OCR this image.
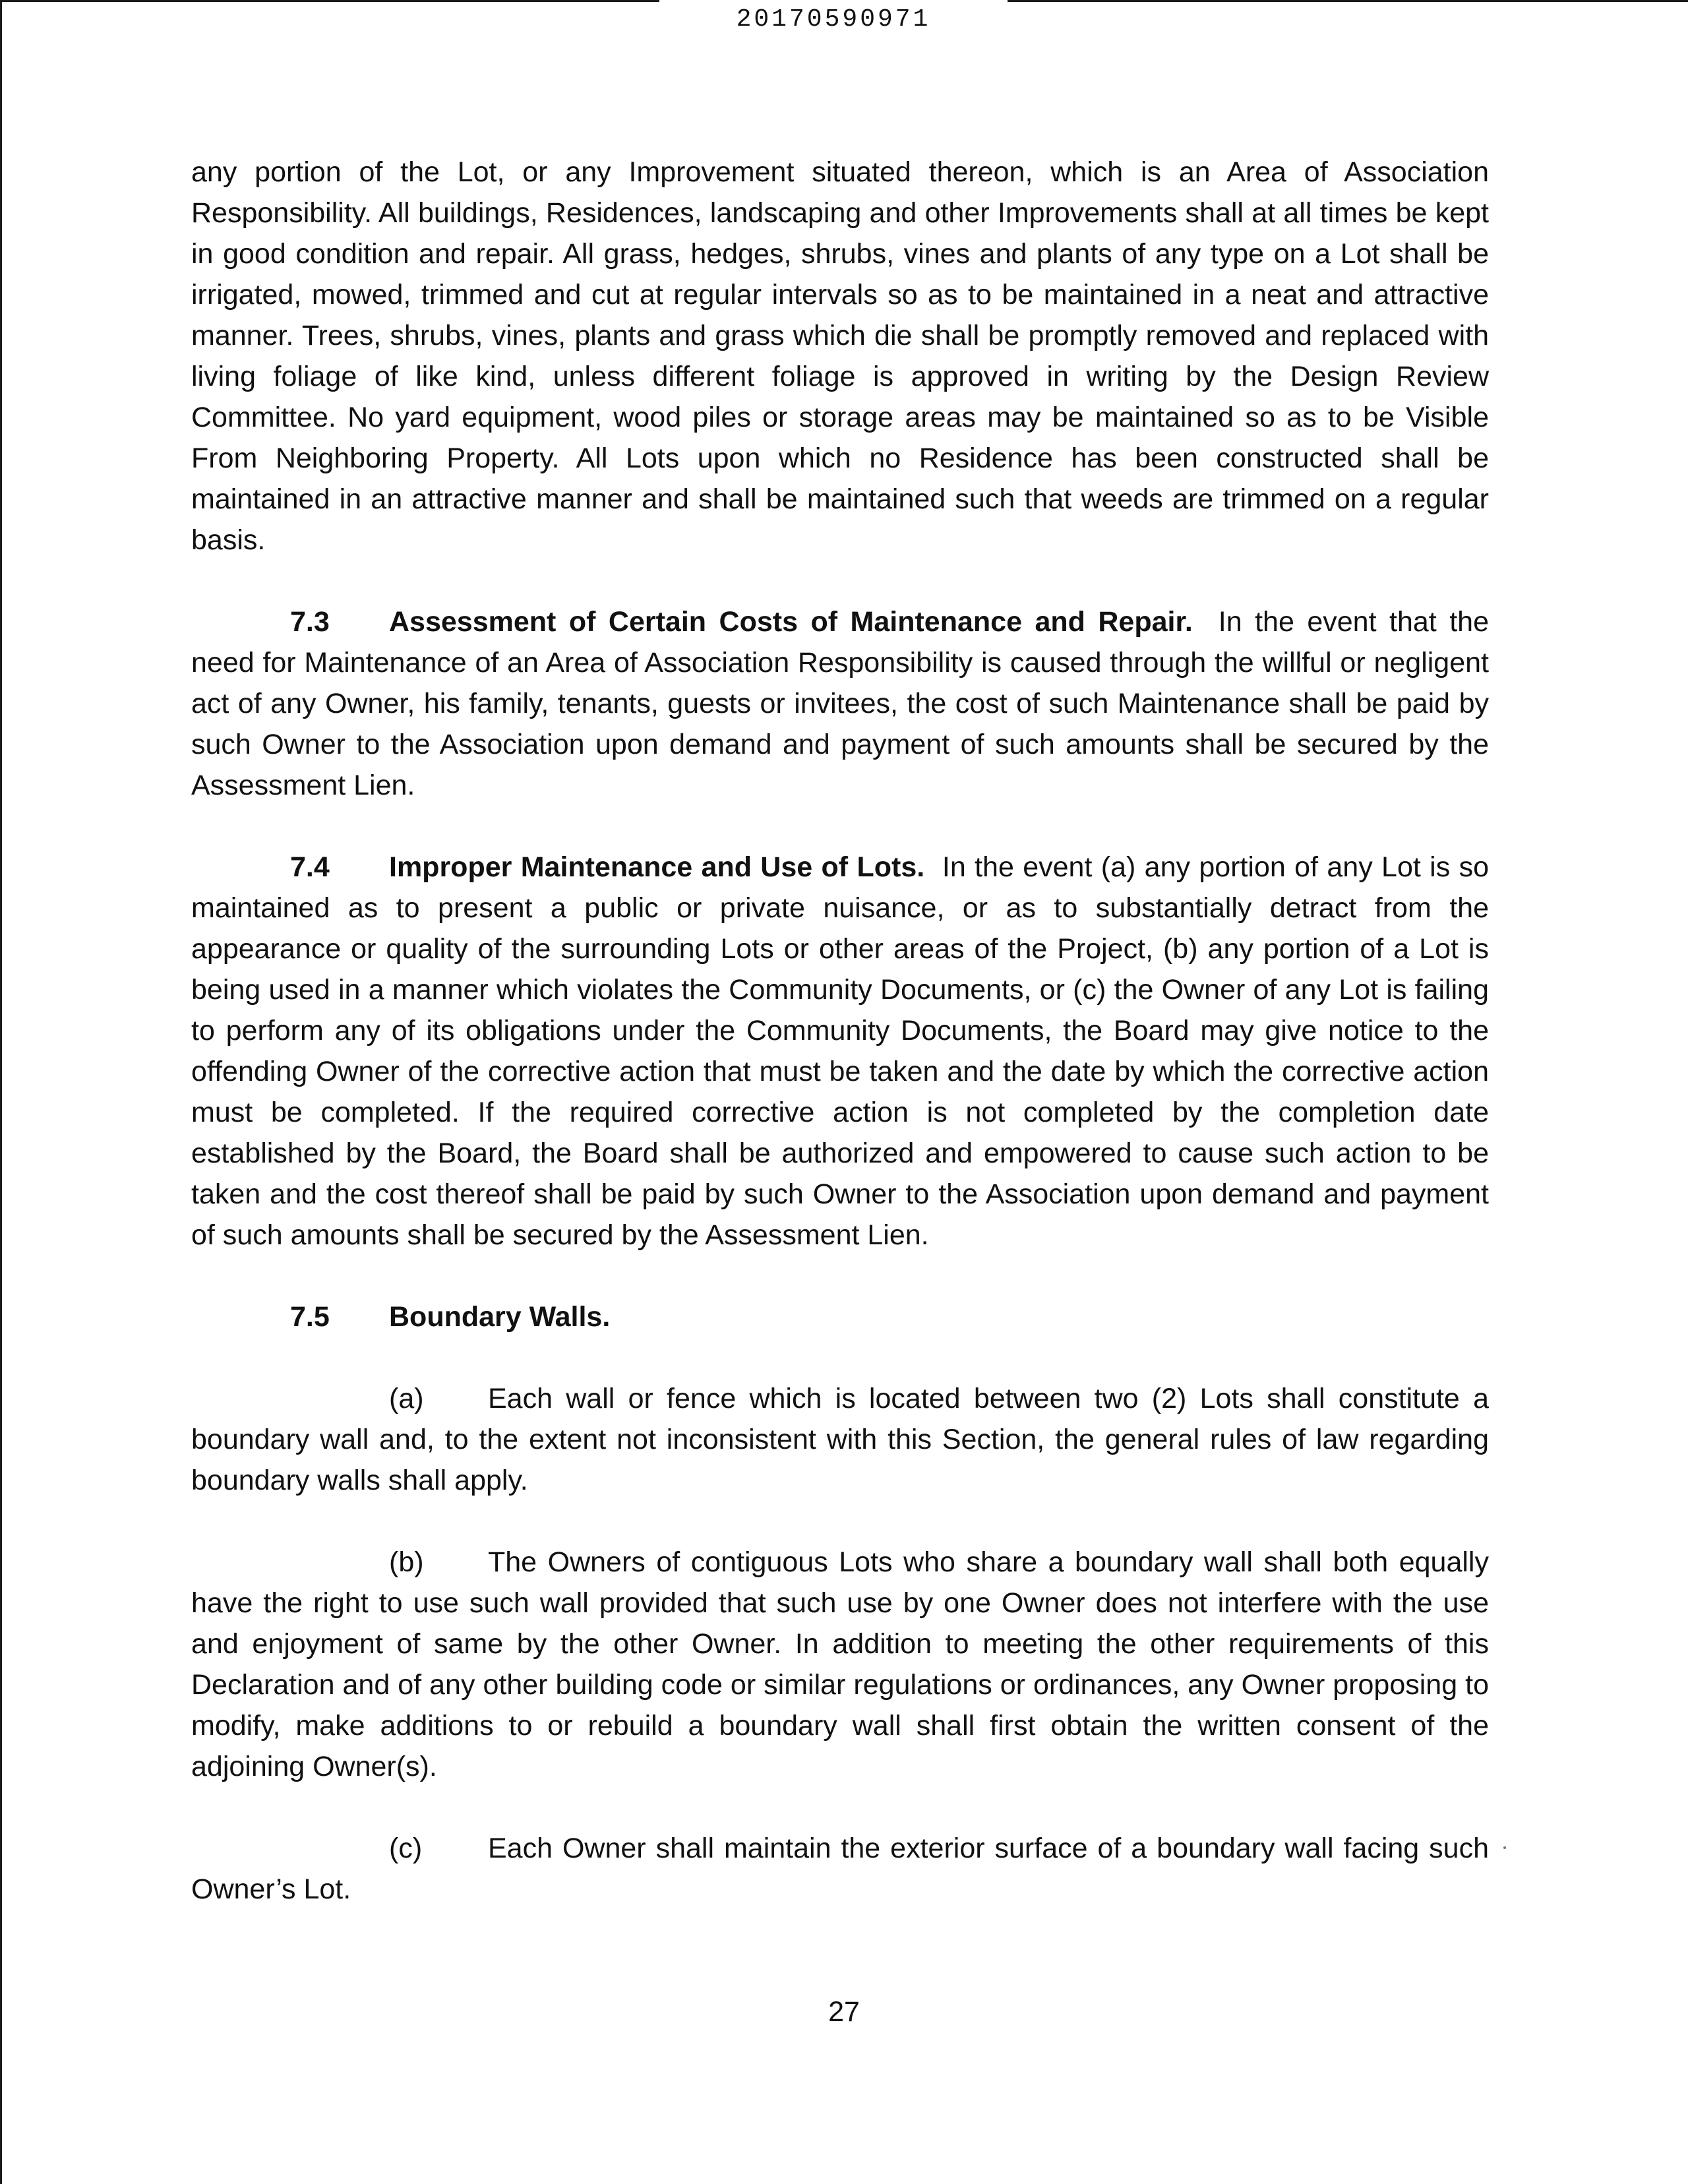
20170590971

any portion of the Lot, or any Improvement situated thereon, which is an Area of Association Responsibility. All buildings, Residences, landscaping and other Improvements shall at all times be kept in good condition and repair. All grass, hedges, shrubs, vines and plants of any type on a Lot shall be irrigated, mowed, trimmed and cut at regular intervals so as to be maintained in a neat and attractive manner. Trees, shrubs, vines, plants and grass which die shall be promptly removed and replaced with living foliage of like kind, unless different foliage is approved in writing by the Design Review Committee. No yard equipment, wood piles or storage areas may be maintained so as to be Visible From Neighboring Property. All Lots upon which no Residence has been constructed shall be maintained in an attractive manner and shall be maintained such that weeds are trimmed on a regular basis.

7.3 Assessment of Certain Costs of Maintenance and Repair. In the event that the need for Maintenance of an Area of Association Responsibility is caused through the willful or negligent act of any Owner, his family, tenants, guests or invitees, the cost of such Maintenance shall be paid by such Owner to the Association upon demand and payment of such amounts shall be secured by the Assessment Lien.

7.4 Improper Maintenance and Use of Lots. In the event (a) any portion of any Lot is so maintained as to present a public or private nuisance, or as to substantially detract from the appearance or quality of the surrounding Lots or other areas of the Project, (b) any portion of a Lot is being used in a manner which violates the Community Documents, or (c) the Owner of any Lot is failing to perform any of its obligations under the Community Documents, the Board may give notice to the offending Owner of the corrective action that must be taken and the date by which the corrective action must be completed. If the required corrective action is not completed by the completion date established by the Board, the Board shall be authorized and empowered to cause such action to be taken and the cost thereof shall be paid by such Owner to the Association upon demand and payment of such amounts shall be secured by the Assessment Lien.

7.5 Boundary Walls.

(a) Each wall or fence which is located between two (2) Lots shall constitute a boundary wall and, to the extent not inconsistent with this Section, the general rules of law regarding boundary walls shall apply.

(b) The Owners of contiguous Lots who share a boundary wall shall both equally have the right to use such wall provided that such use by one Owner does not interfere with the use and enjoyment of same by the other Owner. In addition to meeting the other requirements of this Declaration and of any other building code or similar regulations or ordinances, any Owner proposing to modify, make additions to or rebuild a boundary wall shall first obtain the written consent of the adjoining Owner(s).

(c) Each Owner shall maintain the exterior surface of a boundary wall facing such Owner’s Lot.

27
